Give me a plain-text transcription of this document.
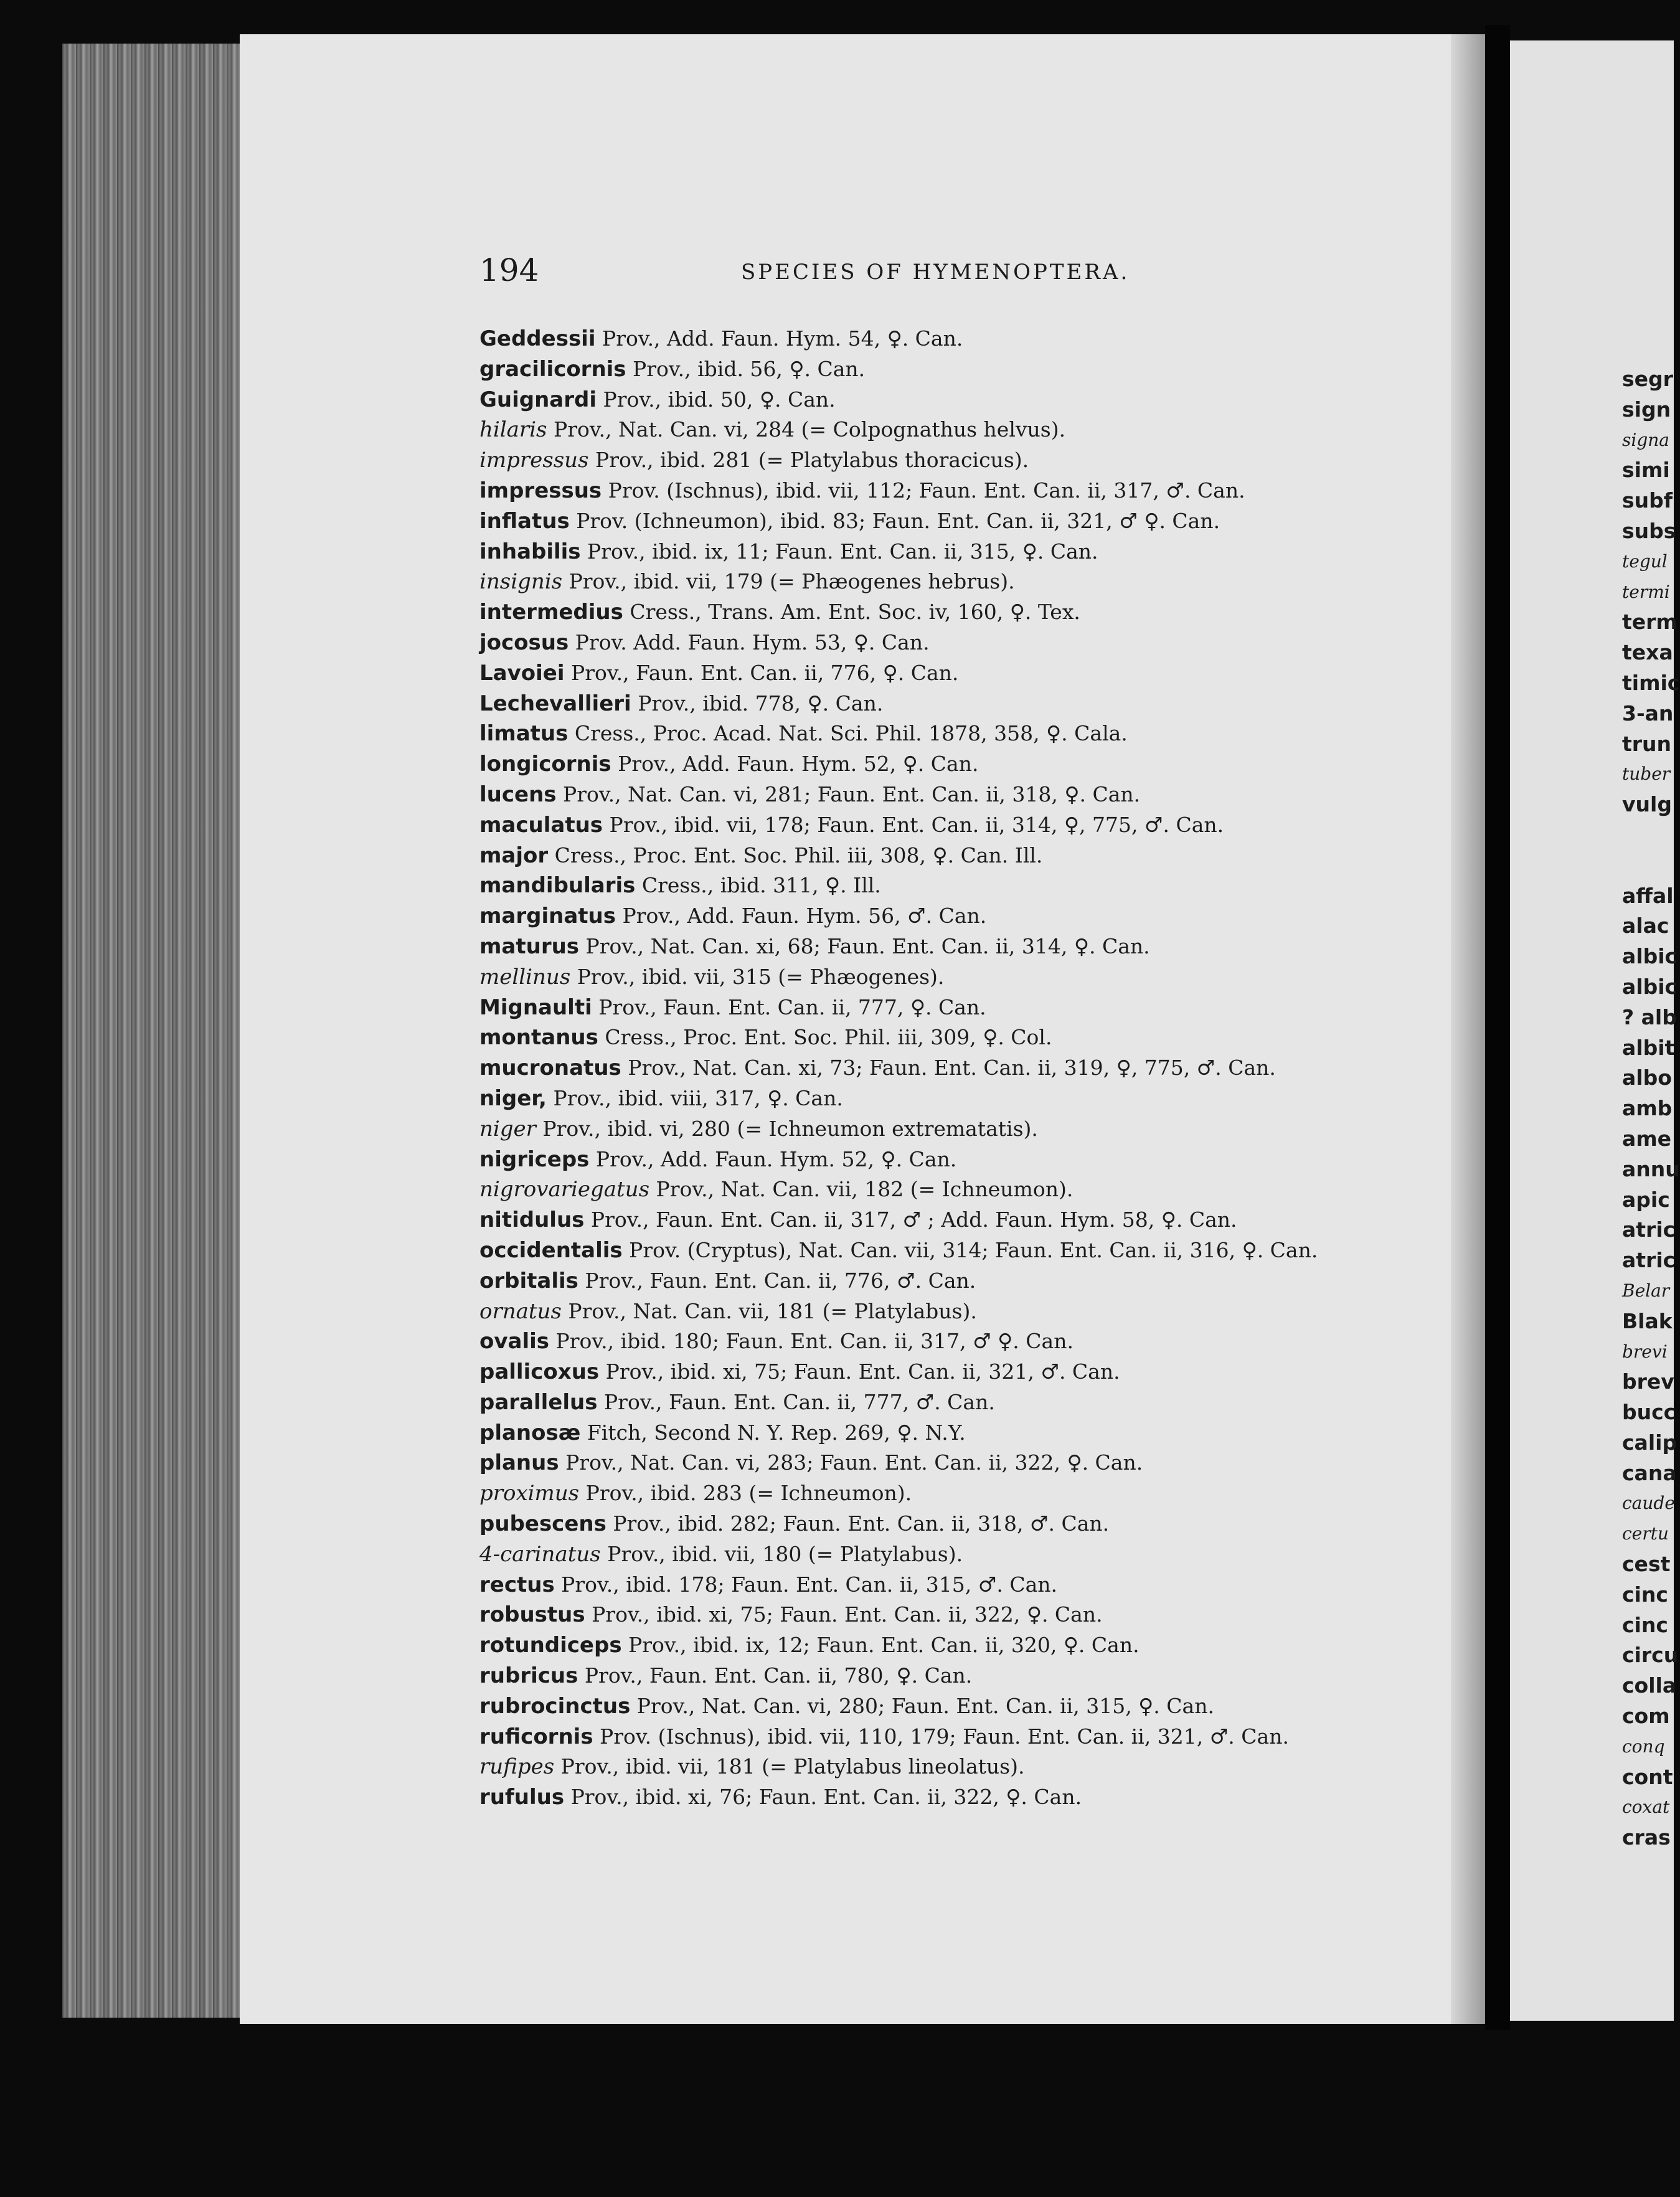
segr
sign
signa
simi
subf
subs
tegul
termi
term
texa
timic
3-an
trun
tuber
vulg
affal
alac
albic
albic
? alb
albit
albo
amb
ame
annu
apic
atric
atric
Belar
Blak
brevi
brev
bucc
calip
cana
caude
certu
cest
cinc
cinc
circu
colla
com
conq
cont
coxat
cras
194	SPECIES OF HYMENOPTERA.
Geddessii Prov., Add. Faun. Hym. 54, ♀. Can.
gracilicornis Prov., ibid. 56, ♀. Can.
Guignardi Prov., ibid. 50, ♀. Can.
hilaris Prov., Nat. Can. vi, 284 (= Colpognathus helvus).
impressus Prov., ibid. 281 (= Platylabus thoracicus).
impressus Prov. (Ischnus), ibid. vii, 112; Faun. Ent. Can. ii, 317, ♂. Can.
inflatus Prov. (Ichneumon), ibid. 83; Faun. Ent. Can. ii, 321, ♂ ♀. Can.
inhabilis Prov., ibid. ix, 11; Faun. Ent. Can. ii, 315, ♀. Can.
insignis Prov., ibid. vii, 179 (= Phæogenes hebrus).
intermedius Cress., Trans. Am. Ent. Soc. iv, 160, ♀. Tex.
jocosus Prov. Add. Faun. Hym. 53, ♀. Can.
Lavoiei Prov., Faun. Ent. Can. ii, 776, ♀. Can.
Lechevallieri Prov., ibid. 778, ♀. Can.
limatus Cress., Proc. Acad. Nat. Sci. Phil. 1878, 358, ♀. Cala.
longicornis Prov., Add. Faun. Hym. 52, ♀. Can.
lucens Prov., Nat. Can. vi, 281; Faun. Ent. Can. ii, 318, ♀. Can.
maculatus Prov., ibid. vii, 178; Faun. Ent. Can. ii, 314, ♀, 775, ♂. Can.
major Cress., Proc. Ent. Soc. Phil. iii, 308, ♀. Can. Ill.
mandibularis Cress., ibid. 311, ♀. Ill.
marginatus Prov., Add. Faun. Hym. 56, ♂. Can.
maturus Prov., Nat. Can. xi, 68; Faun. Ent. Can. ii, 314, ♀. Can.
mellinus Prov., ibid. vii, 315 (= Phæogenes).
Mignaulti Prov., Faun. Ent. Can. ii, 777, ♀. Can.
montanus Cress., Proc. Ent. Soc. Phil. iii, 309, ♀. Col.
mucronatus Prov., Nat. Can. xi, 73; Faun. Ent. Can. ii, 319, ♀, 775, ♂. Can.
niger, Prov., ibid. viii, 317, ♀. Can.
niger Prov., ibid. vi, 280 (= Ichneumon extrematatis).
nigriceps Prov., Add. Faun. Hym. 52, ♀. Can.
nigrovariegatus Prov., Nat. Can. vii, 182 (= Ichneumon).
nitidulus Prov., Faun. Ent. Can. ii, 317, ♂ ; Add. Faun. Hym. 58, ♀. Can.
occidentalis Prov. (Cryptus), Nat. Can. vii, 314; Faun. Ent. Can. ii, 316, ♀. Can.
orbitalis Prov., Faun. Ent. Can. ii, 776, ♂. Can.
ornatus Prov., Nat. Can. vii, 181 (= Platylabus).
ovalis Prov., ibid. 180; Faun. Ent. Can. ii, 317, ♂ ♀. Can.
pallicoxus Prov., ibid. xi, 75; Faun. Ent. Can. ii, 321, ♂. Can.
parallelus Prov., Faun. Ent. Can. ii, 777, ♂. Can.
planosæ Fitch, Second N. Y. Rep. 269, ♀. N.Y.
planus Prov., Nat. Can. vi, 283; Faun. Ent. Can. ii, 322, ♀. Can.
proximus Prov., ibid. 283 (= Ichneumon).
pubescens Prov., ibid. 282; Faun. Ent. Can. ii, 318, ♂. Can.
4-carinatus Prov., ibid. vii, 180 (= Platylabus).
rectus Prov., ibid. 178; Faun. Ent. Can. ii, 315, ♂. Can.
robustus Prov., ibid. xi, 75; Faun. Ent. Can. ii, 322, ♀. Can.
rotundiceps Prov., ibid. ix, 12; Faun. Ent. Can. ii, 320, ♀. Can.
rubricus Prov., Faun. Ent. Can. ii, 780, ♀. Can.
rubrocinctus Prov., Nat. Can. vi, 280; Faun. Ent. Can. ii, 315, ♀. Can.
ruficornis Prov. (Ischnus), ibid. vii, 110, 179; Faun. Ent. Can. ii, 321, ♂. Can.
rufipes Prov., ibid. vii, 181 (= Platylabus lineolatus).
rufulus Prov., ibid. xi, 76; Faun. Ent. Can. ii, 322, ♀. Can.
